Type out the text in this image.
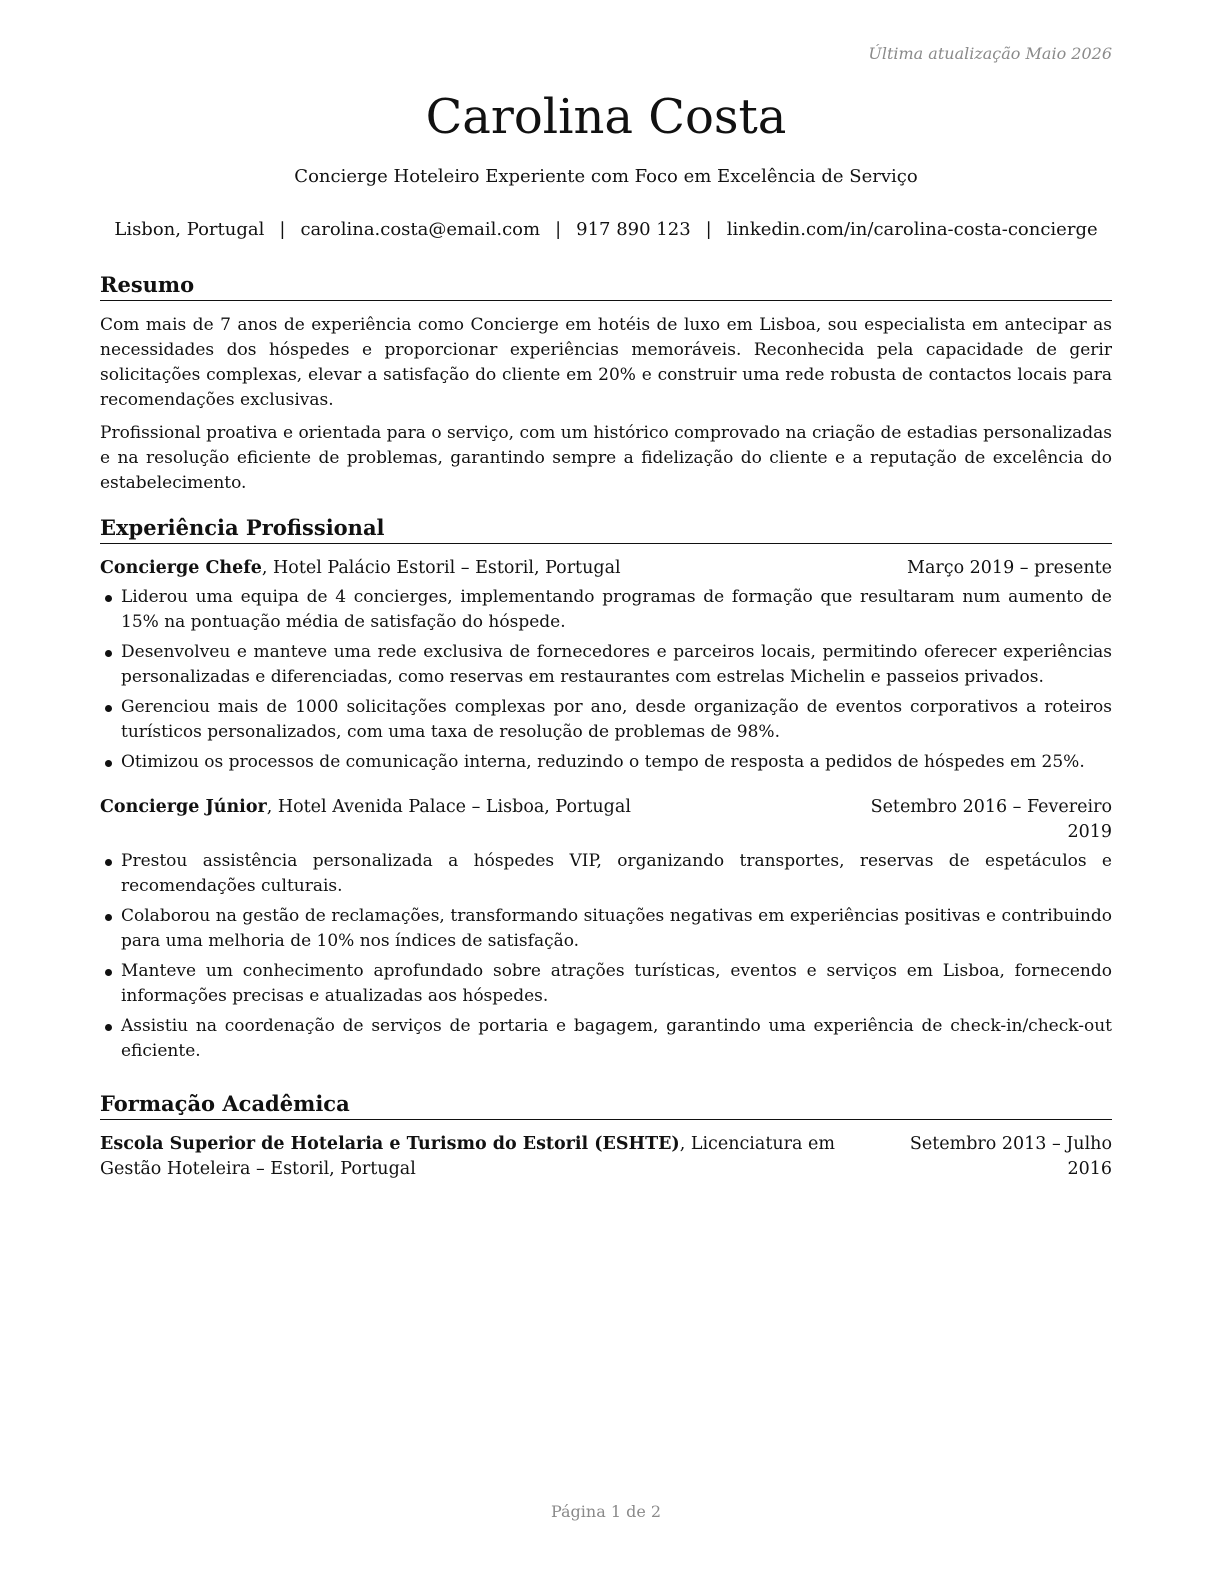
Última atualização Maio 2026
Carolina Costa
Concierge Hoteleiro Experiente com Foco em Excelência de Serviço
Lisbon, Portugal | carolina.costa@email.com | 917 890 123 | linkedin.com/in/carolina-costa-concierge
Resumo

Com mais de 7 anos de experiência como Concierge em hotéis de luxo em Lisboa, sou especialista em antecipar as necessidades dos hóspedes e proporcionar experiências memoráveis. Reconhecida pela capacidade de gerir solicitações complexas, elevar a satisfação do cliente em 20% e construir uma rede robusta de contactos locais para recomendações exclusivas.

Profissional proativa e orientada para o serviço, com um histórico comprovado na criação de estadias personalizadas e na resolução eficiente de problemas, garantindo sempre a fidelização do cliente e a reputação de excelência do estabelecimento.

Experiência Profissional
Concierge Chefe, Hotel Palácio Estoril – Estoril, Portugal	Março 2019 – presente
Liderou uma equipa de 4 concierges, implementando programas de formação que resultaram num aumento de 15% na pontuação média de satisfação do hóspede.
Desenvolveu e manteve uma rede exclusiva de fornecedores e parceiros locais, permitindo oferecer experiências personalizadas e diferenciadas, como reservas em restaurantes com estrelas Michelin e passeios privados.
Gerenciou mais de 1000 solicitações complexas por ano, desde organização de eventos corporativos a roteiros turísticos personalizados, com uma taxa de resolução de problemas de 98%.
Otimizou os processos de comunicação interna, reduzindo o tempo de resposta a pedidos de hóspedes em 25%.
Concierge Júnior, Hotel Avenida Palace – Lisboa, Portugal	Setembro 2016 – Fevereiro 2019
Prestou assistência personalizada a hóspedes VIP, organizando transportes, reservas de espetáculos e recomendações culturais.
Colaborou na gestão de reclamações, transformando situações negativas em experiências positivas e contribuindo para uma melhoria de 10% nos índices de satisfação.
Manteve um conhecimento aprofundado sobre atrações turísticas, eventos e serviços em Lisboa, fornecendo informações precisas e atualizadas aos hóspedes.
Assistiu na coordenação de serviços de portaria e bagagem, garantindo uma experiência de check-in/check-out eficiente.
Formação Acadêmica
Escola Superior de Hotelaria e Turismo do Estoril (ESHTE), Licenciatura em Gestão Hoteleira – Estoril, Portugal
Setembro 2013 – Julho 2016
Página 1 de 2
